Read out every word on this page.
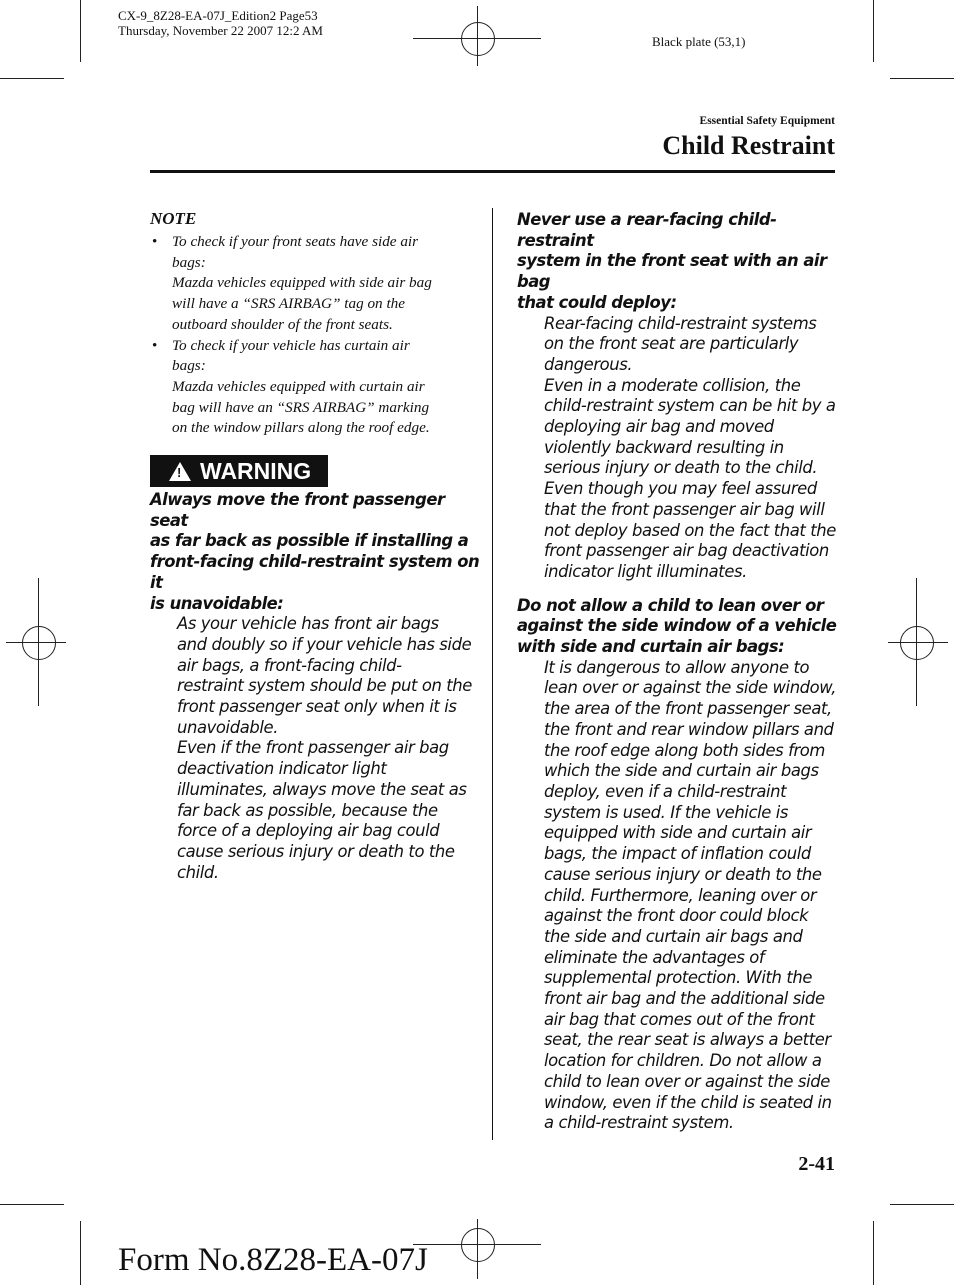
CX-9_8Z28-EA-07J_Edition2 Page53
Thursday, November 22 2007 12:2 AM
Black plate (53,1)
Essential Safety Equipment
Child Restraint
NOTE
• To check if your front seats have side air
bags:
Mazda vehicles equipped with side air bag
will have a “SRS AIRBAG” tag on the
outboard shoulder of the front seats.
• To check if your vehicle has curtain air
bags:
Mazda vehicles equipped with curtain air
bag will have an “SRS AIRBAG” marking
on the window pillars along the roof edge.
! WARNING
Always move the front passenger seat
as far back as possible if installing a
front-facing child-restraint system on it
is unavoidable:
As your vehicle has front air bags
and doubly so if your vehicle has side
air bags, a front-facing child-
restraint system should be put on the
front passenger seat only when it is
unavoidable.
Even if the front passenger air bag
deactivation indicator light
illuminates, always move the seat as
far back as possible, because the
force of a deploying air bag could
cause serious injury or death to the
child.
Never use a rear-facing child-restraint
system in the front seat with an air bag
that could deploy:
Rear-facing child-restraint systems
on the front seat are particularly
dangerous.
Even in a moderate collision, the
child-restraint system can be hit by a
deploying air bag and moved
violently backward resulting in
serious injury or death to the child.
Even though you may feel assured
that the front passenger air bag will
not deploy based on the fact that the
front passenger air bag deactivation
indicator light illuminates.
Do not allow a child to lean over or
against the side window of a vehicle
with side and curtain air bags:
It is dangerous to allow anyone to
lean over or against the side window,
the area of the front passenger seat,
the front and rear window pillars and
the roof edge along both sides from
which the side and curtain air bags
deploy, even if a child-restraint
system is used. If the vehicle is
equipped with side and curtain air
bags, the impact of inflation could
cause serious injury or death to the
child. Furthermore, leaning over or
against the front door could block
the side and curtain air bags and
eliminate the advantages of
supplemental protection. With the
front air bag and the additional side
air bag that comes out of the front
seat, the rear seat is always a better
location for children. Do not allow a
child to lean over or against the side
window, even if the child is seated in
a child-restraint system.
2-41
Form No.8Z28-EA-07J
